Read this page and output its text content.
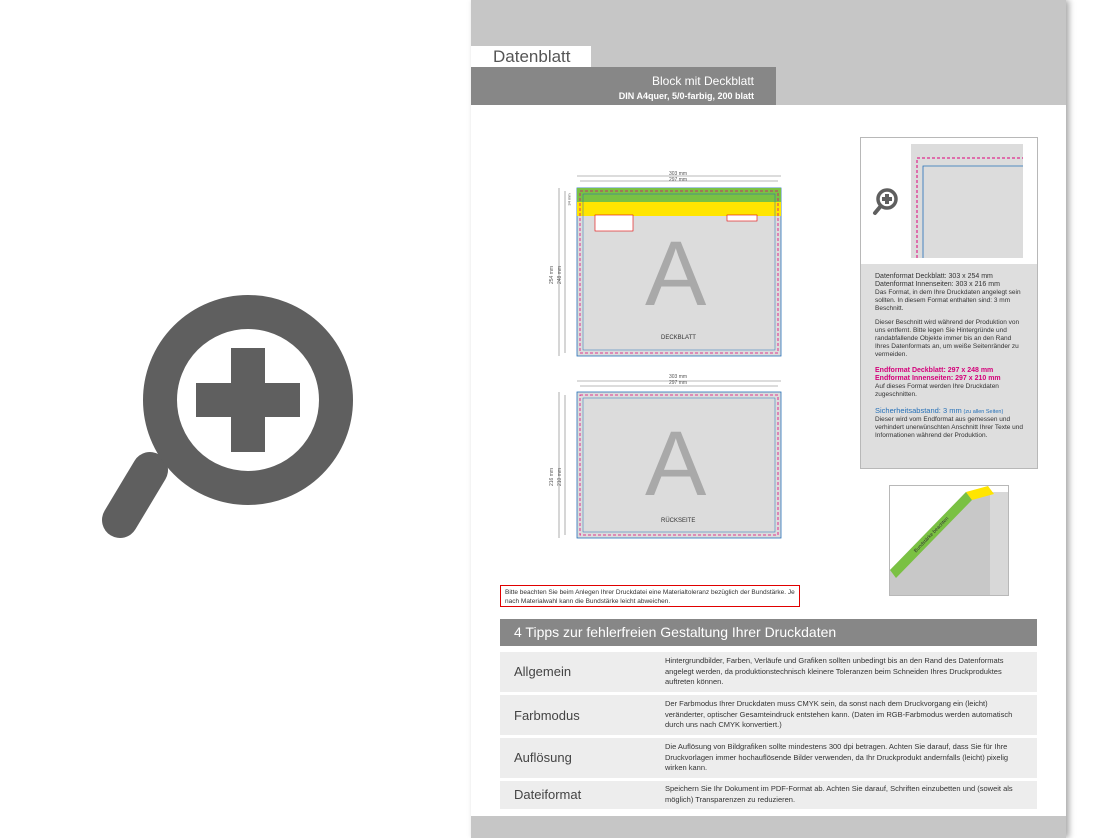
Datenblatt
Block mit Deckblatt
DIN A4quer, 5/0-farbig, 200 blatt
303 mm
297 mm
254 mm 248 mm
34 mm
A
DECKBLATT
303 mm
297 mm
216 mm 210 mm A
RÜCKSEITE

Datenformat Deckblatt: 303 x 254 mm

Datenformat Innenseiten: 303 x 216 mm

Das Format, in dem Ihre Druckdaten angelegt sein sollten. In diesem Format enthalten sind: 3 mm Beschnitt.

Dieser Beschnitt wird während der Produktion von uns entfernt. Bitte legen Sie Hintergründe und randabfallende Objekte immer bis an den Rand Ihres Datenformats an, um weiße Seitenränder zu vermeiden.

Endformat Deckblatt: 297 x 248 mm

Endformat Innenseiten: 297 x 210 mm

Auf dieses Format werden Ihre Druckdaten zugeschnitten.

Sicherheitsabstand: 3 mm (zu allen Seiten)

Dieser wird vom Endformat aus gemessen und verhindert unerwünschten Anschnitt Ihrer Texte und Informationen während der Produktion.

Bundstärke beachten
Bitte beachten Sie beim Anlegen Ihrer Druckdatei eine Materialtoleranz bezüglich der Bundstärke. Je nach Materialwahl kann die Bundstärke leicht abweichen.
4 Tipps zur fehlerfreien Gestaltung Ihrer Druckdaten
Allgemein
Hintergrundbilder, Farben, Verläufe und Grafiken sollten unbedingt bis an den Rand des Datenformats angelegt werden, da produktionstechnisch kleinere Toleranzen beim Schneiden Ihres Druckproduktes auftreten können.
Farbmodus
Der Farbmodus Ihrer Druckdaten muss CMYK sein, da sonst nach dem Druckvorgang ein (leicht) veränderter, optischer Gesamteindruck entstehen kann. (Daten im RGB-Farbmodus werden automatisch durch uns nach CMYK konvertiert.)
Auflösung
Die Auflösung von Bildgrafiken sollte mindestens 300 dpi betragen. Achten Sie darauf, dass Sie für Ihre Druckvorlagen immer hochauflösende Bilder verwenden, da Ihr Druckprodukt andernfalls (leicht) pixelig wirken kann.
Dateiformat	Speichern Sie Ihr Dokument im PDF-Format ab. Achten Sie darauf, Schriften einzubetten und (soweit als möglich) Transparenzen zu reduzieren.
